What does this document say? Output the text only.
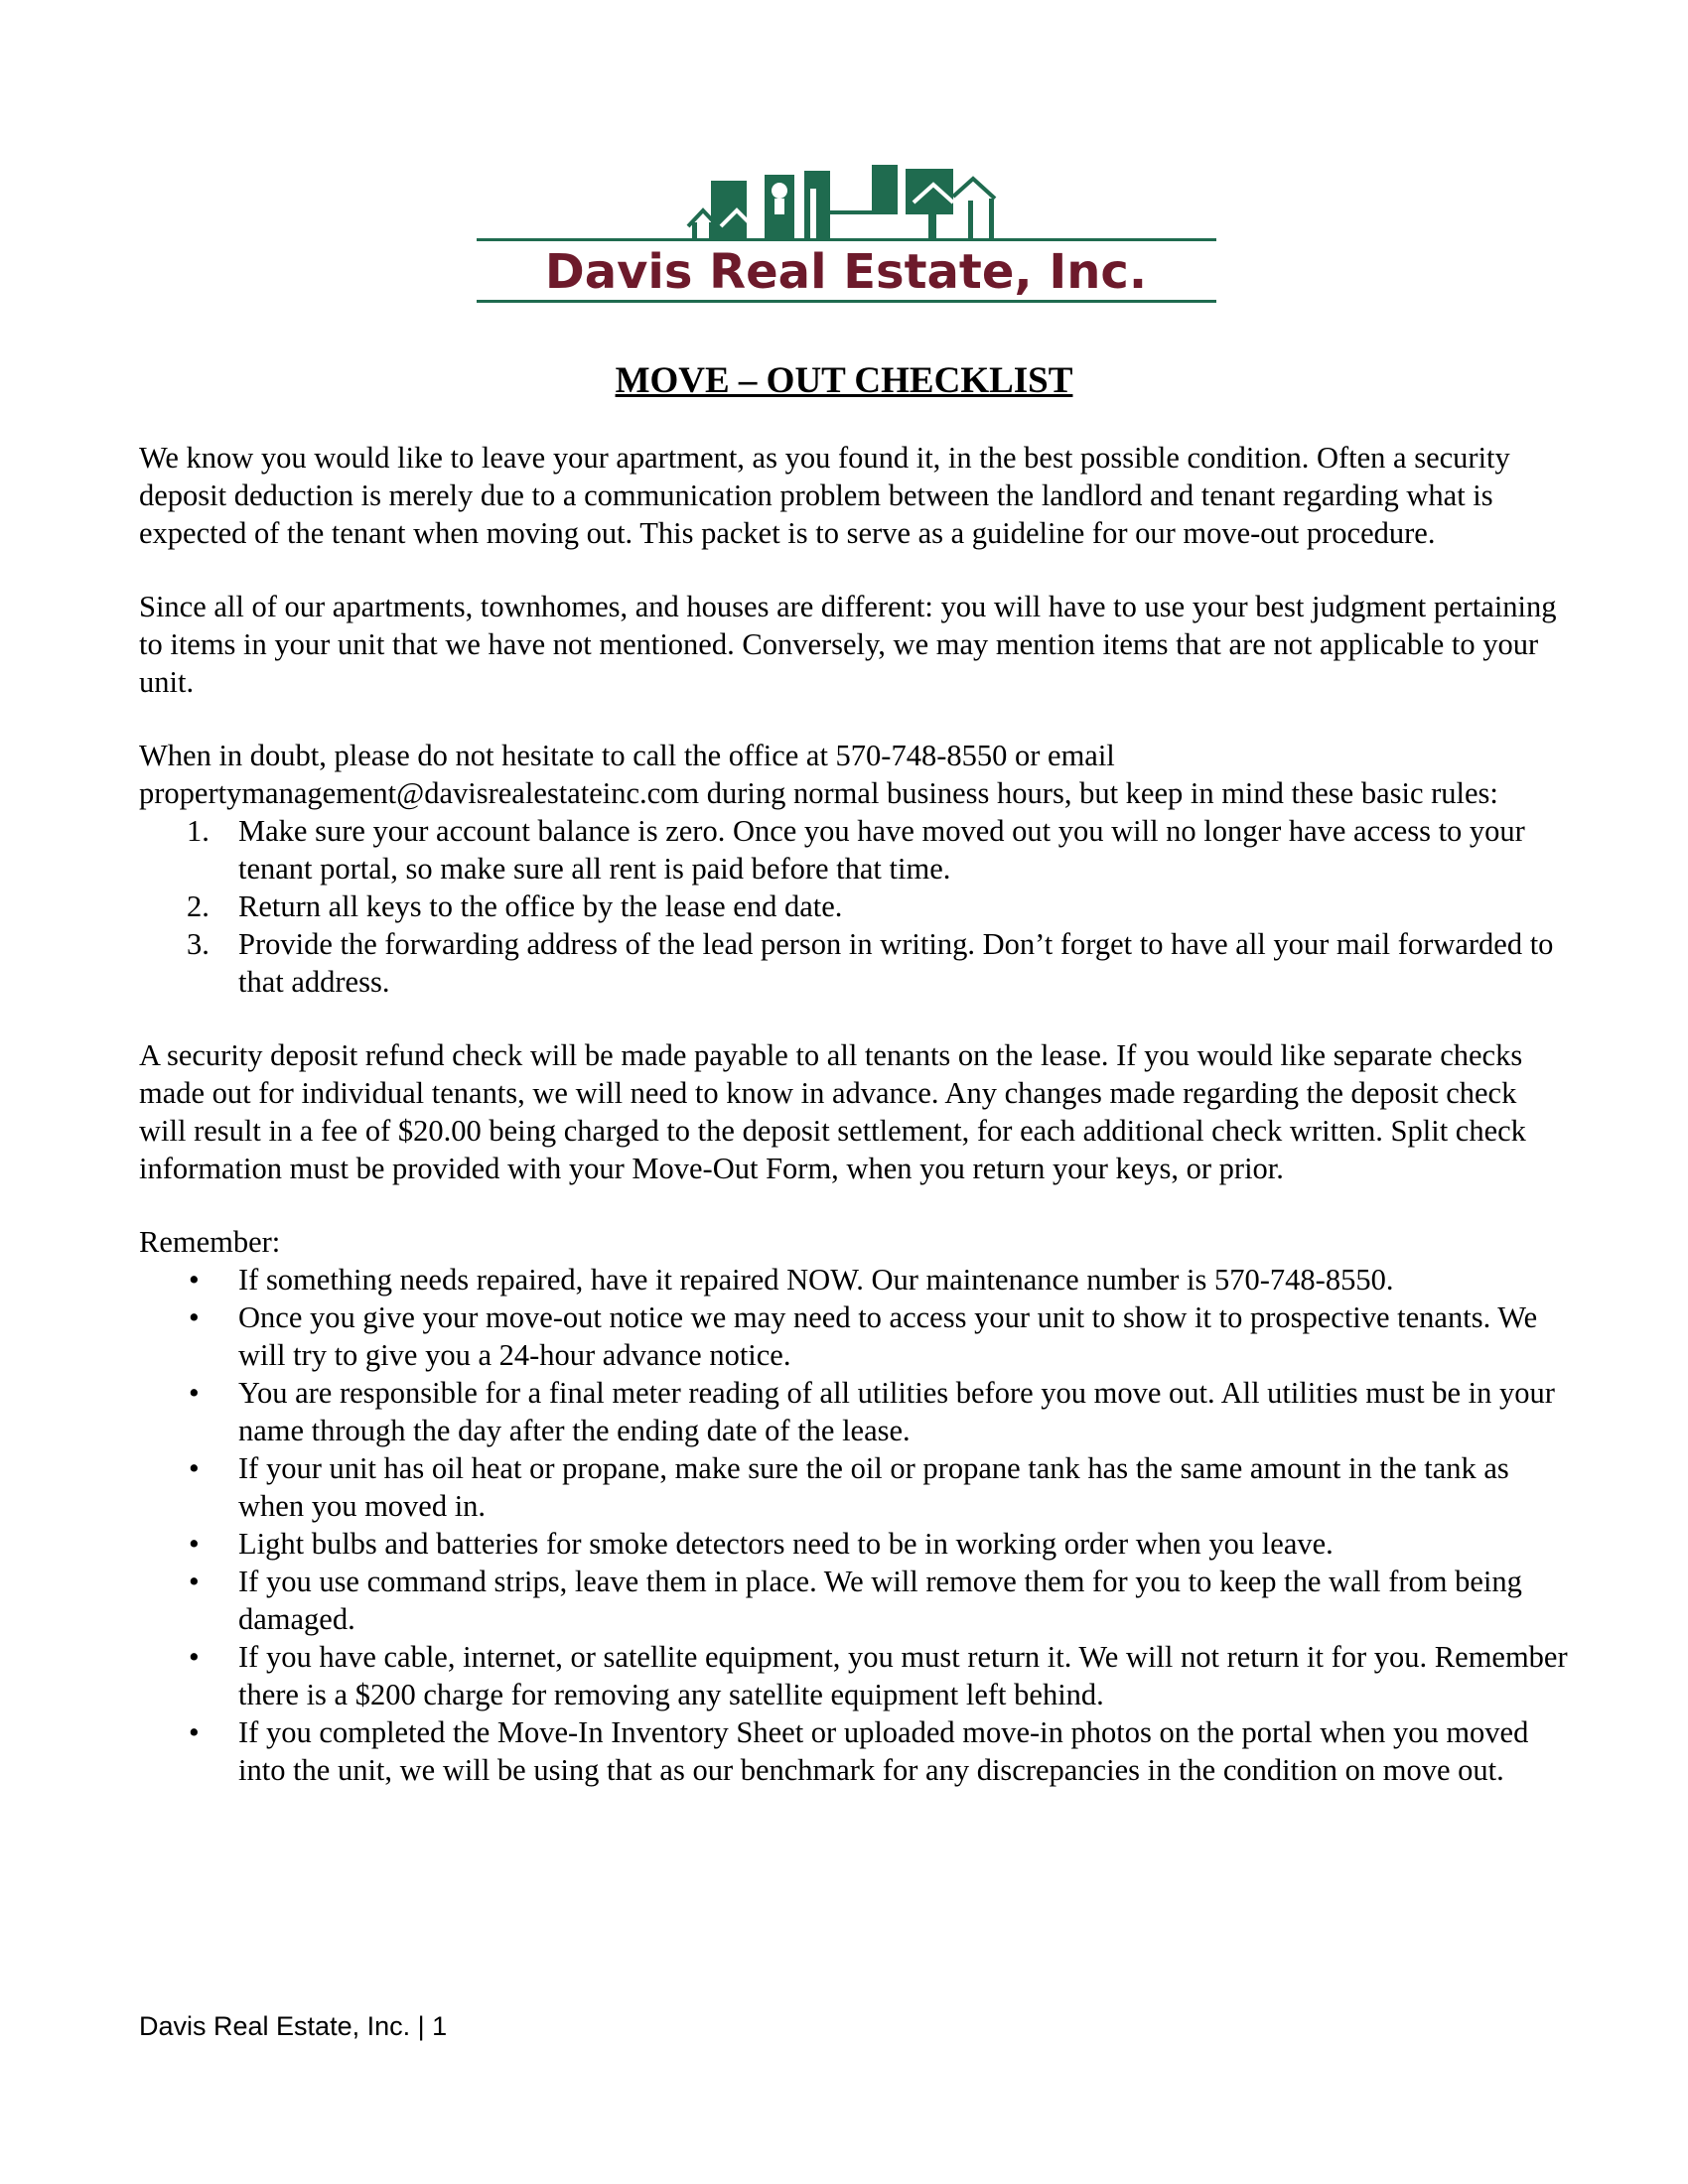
Davis Real Estate, Inc.
MOVE – OUT CHECKLIST

We know you would like to leave your apartment, as you found it, in the best possible condition. Often a security deposit deduction is merely due to a communication problem between the landlord and tenant regarding what is expected of the tenant when moving out. This packet is to serve as a guideline for our move-out procedure.

Since all of our apartments, townhomes, and houses are different: you will have to use your best judgment pertaining to items in your unit that we have not mentioned. Conversely, we may mention items that are not applicable to your unit.

When in doubt, please do not hesitate to call the office at 570-748-8550 or email propertymanagement@davisrealestateinc.com during normal business hours, but keep in mind these basic rules:

1. Make sure your account balance is zero. Once you have moved out you will no longer have access to your tenant portal, so make sure all rent is paid before that time.
2. Return all keys to the office by the lease end date.
3. Provide the forwarding address of the lead person in writing. Don’t forget to have all your mail forwarded to that address.

A security deposit refund check will be made payable to all tenants on the lease. If you would like separate checks made out for individual tenants, we will need to know in advance. Any changes made regarding the deposit check will result in a fee of $20.00 being charged to the deposit settlement, for each additional check written. Split check information must be provided with your Move-Out Form, when you return your keys, or prior.

Remember:

•	If something needs repaired, have it repaired NOW. Our maintenance number is 570-748-8550.
•	Once you give your move-out notice we may need to access your unit to show it to prospective tenants. We will try to give you a 24-hour advance notice.
•	You are responsible for a final meter reading of all utilities before you move out. All utilities must be in your name through the day after the ending date of the lease.
•	If your unit has oil heat or propane, make sure the oil or propane tank has the same amount in the tank as when you moved in.
•	Light bulbs and batteries for smoke detectors need to be in working order when you leave.
•	If you use command strips, leave them in place. We will remove them for you to keep the wall from being damaged.
•	If you have cable, internet, or satellite equipment, you must return it. We will not return it for you. Remember there is a $200 charge for removing any satellite equipment left behind.
•	If you completed the Move-In Inventory Sheet or uploaded move-in photos on the portal when you moved into the unit, we will be using that as our benchmark for any discrepancies in the condition on move out.
Davis Real Estate, Inc. | 1
